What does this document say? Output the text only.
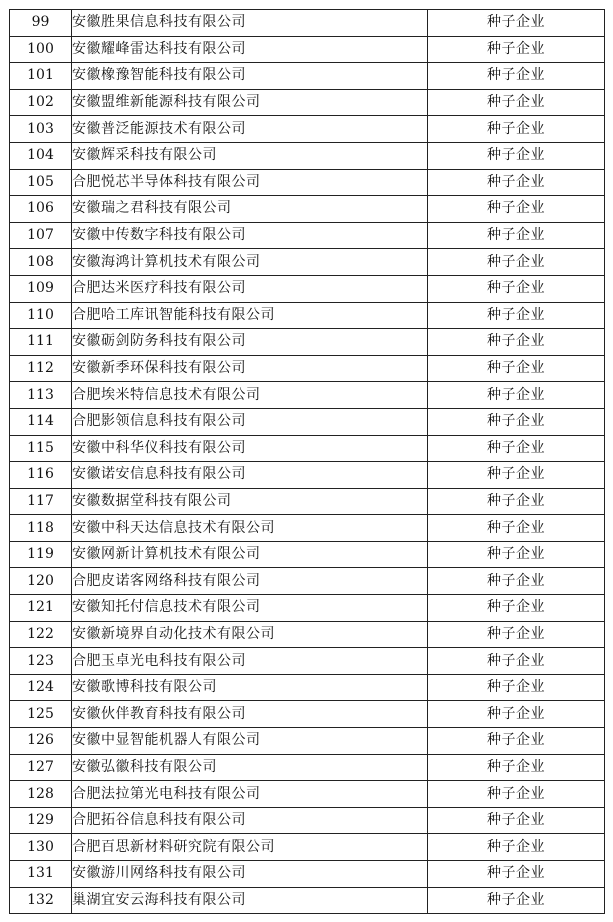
99	安徽胜果信息科技有限公司	种子企业
100	安徽耀峰雷达科技有限公司	种子企业
101	安徽橡豫智能科技有限公司	种子企业
102	安徽盟维新能源科技有限公司	种子企业
103	安徽普泛能源技术有限公司	种子企业
104	安徽辉采科技有限公司	种子企业
105	合肥悦芯半导体科技有限公司	种子企业
106	安徽瑞之君科技有限公司	种子企业
107	安徽中传数字科技有限公司	种子企业
108	安徽海鸿计算机技术有限公司	种子企业
109	合肥达米医疗科技有限公司	种子企业
110	合肥哈工库讯智能科技有限公司	种子企业
111	安徽砺剑防务科技有限公司	种子企业
112	安徽新季环保科技有限公司	种子企业
113	合肥埃米特信息技术有限公司	种子企业
114	合肥影领信息科技有限公司	种子企业
115	安徽中科华仪科技有限公司	种子企业
116	安徽诺安信息科技有限公司	种子企业
117	安徽数据堂科技有限公司	种子企业
118	安徽中科天达信息技术有限公司	种子企业
119	安徽网新计算机技术有限公司	种子企业
120	合肥皮诺客网络科技有限公司	种子企业
121	安徽知托付信息技术有限公司	种子企业
122	安徽新境界自动化技术有限公司	种子企业
123	合肥玉卓光电科技有限公司	种子企业
124	安徽歌博科技有限公司	种子企业
125	安徽伙伴教育科技有限公司	种子企业
126	安徽中显智能机器人有限公司	种子企业
127	安徽弘徽科技有限公司	种子企业
128	合肥法拉第光电科技有限公司	种子企业
129	合肥拓谷信息科技有限公司	种子企业
130	合肥百思新材料研究院有限公司	种子企业
131	安徽游川网络科技有限公司	种子企业
132	巢湖宜安云海科技有限公司	种子企业
